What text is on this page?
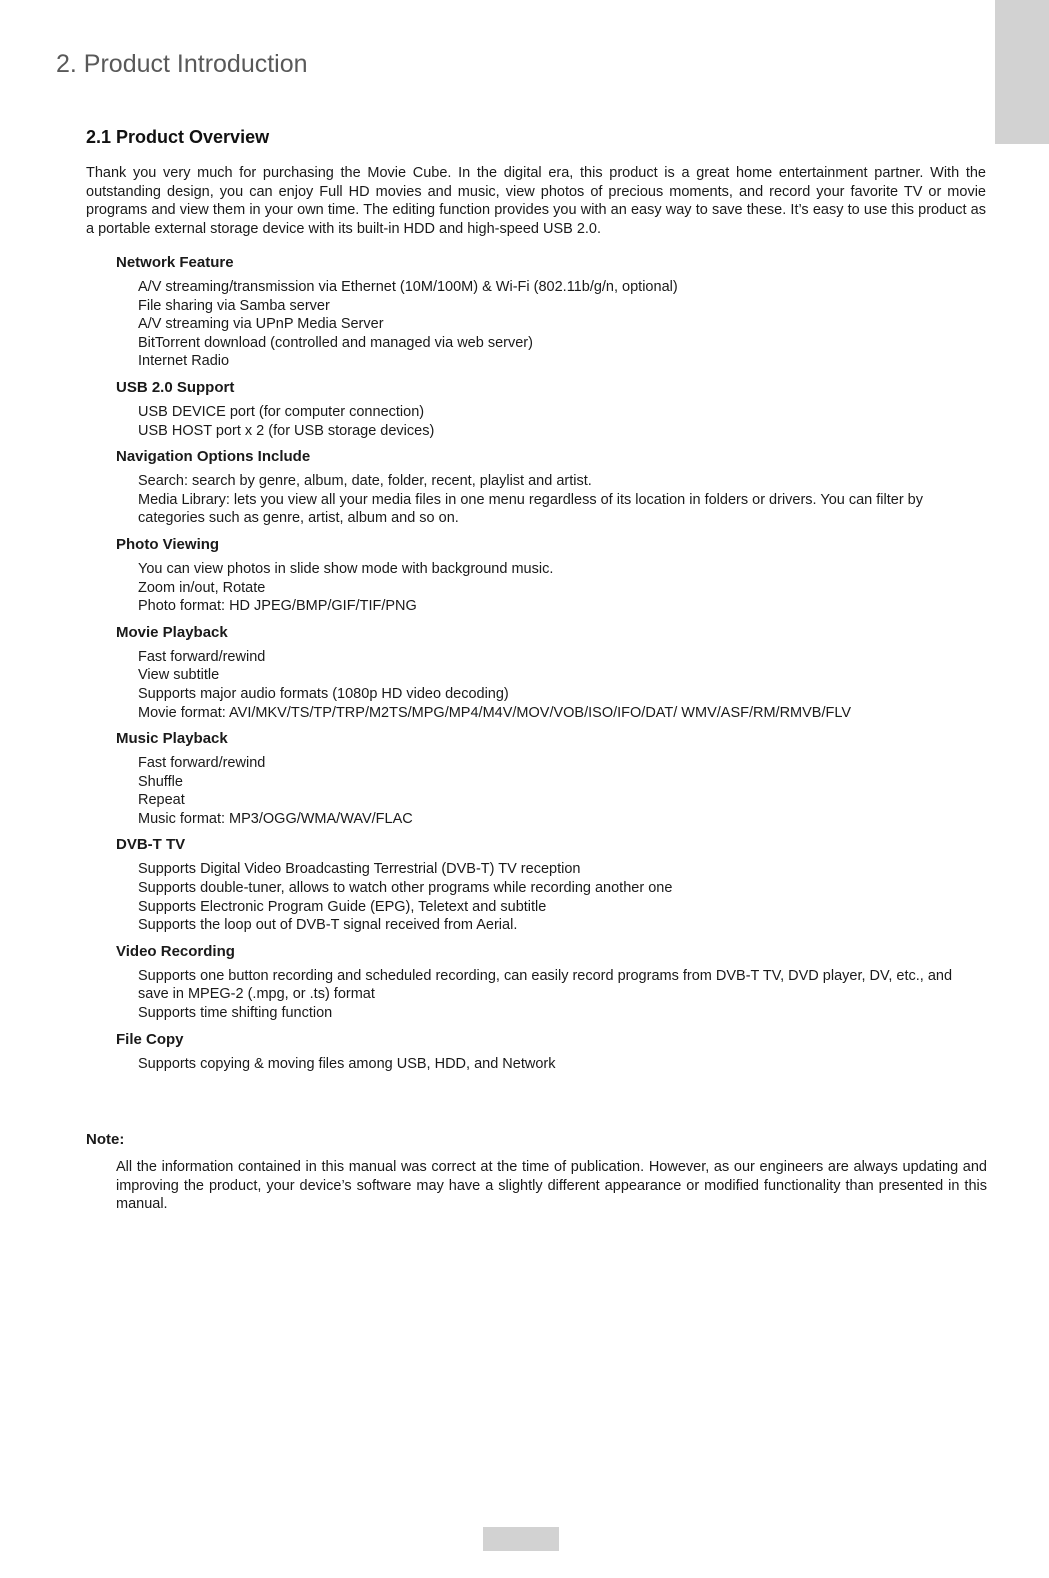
2. Product Introduction
2.1 Product Overview

Thank you very much for purchasing the Movie Cube. In the digital era, this product is a great home entertainment partner. With the outstanding design, you can enjoy Full HD movies and music, view photos of precious moments, and record your favorite TV or movie programs and view them in your own time. The editing function provides you with an easy way to save these. It’s easy to use this product as a portable external storage device with its built-in HDD and high-speed USB 2.0.

Network Feature
A/V streaming/transmission via Ethernet (10M/100M) & Wi-Fi (802.11b/g/n, optional)
File sharing via Samba server
A/V streaming via UPnP Media Server
BitTorrent download (controlled and managed via web server)
Internet Radio
USB 2.0 Support
USB DEVICE port (for computer connection)
USB HOST port x 2 (for USB storage devices)
Navigation Options Include
Search: search by genre, album, date, folder, recent, playlist and artist.
Media Library: lets you view all your media files in one menu regardless of its location in folders or drivers. You can filter by categories such as genre, artist, album and so on.
Photo Viewing
You can view photos in slide show mode with background music.
Zoom in/out, Rotate
Photo format: HD JPEG/BMP/GIF/TIF/PNG
Movie Playback
Fast forward/rewind
View subtitle
Supports major audio formats (1080p HD video decoding)
Movie format: AVI/MKV/TS/TP/TRP/M2TS/MPG/MP4/M4V/MOV/VOB/ISO/IFO/DAT/ WMV/ASF/RM/RMVB/FLV
Music Playback
Fast forward/rewind
Shuffle
Repeat
Music format: MP3/OGG/WMA/WAV/FLAC
DVB-T TV
Supports Digital Video Broadcasting Terrestrial (DVB-T) TV reception
Supports double-tuner, allows to watch other programs while recording another one
Supports Electronic Program Guide (EPG), Teletext and subtitle
Supports the loop out of DVB-T signal received from Aerial.
Video Recording
Supports one button recording and scheduled recording, can easily record programs from DVB-T TV, DVD player, DV, etc., and save in MPEG-2 (.mpg, or .ts) format
Supports time shifting function
File Copy
Supports copying & moving files among USB, HDD, and Network

Note:

All the information contained in this manual was correct at the time of publication. However, as our engineers are always updating and improving the product, your device’s software may have a slightly different appearance or modified functionality than presented in this manual.
